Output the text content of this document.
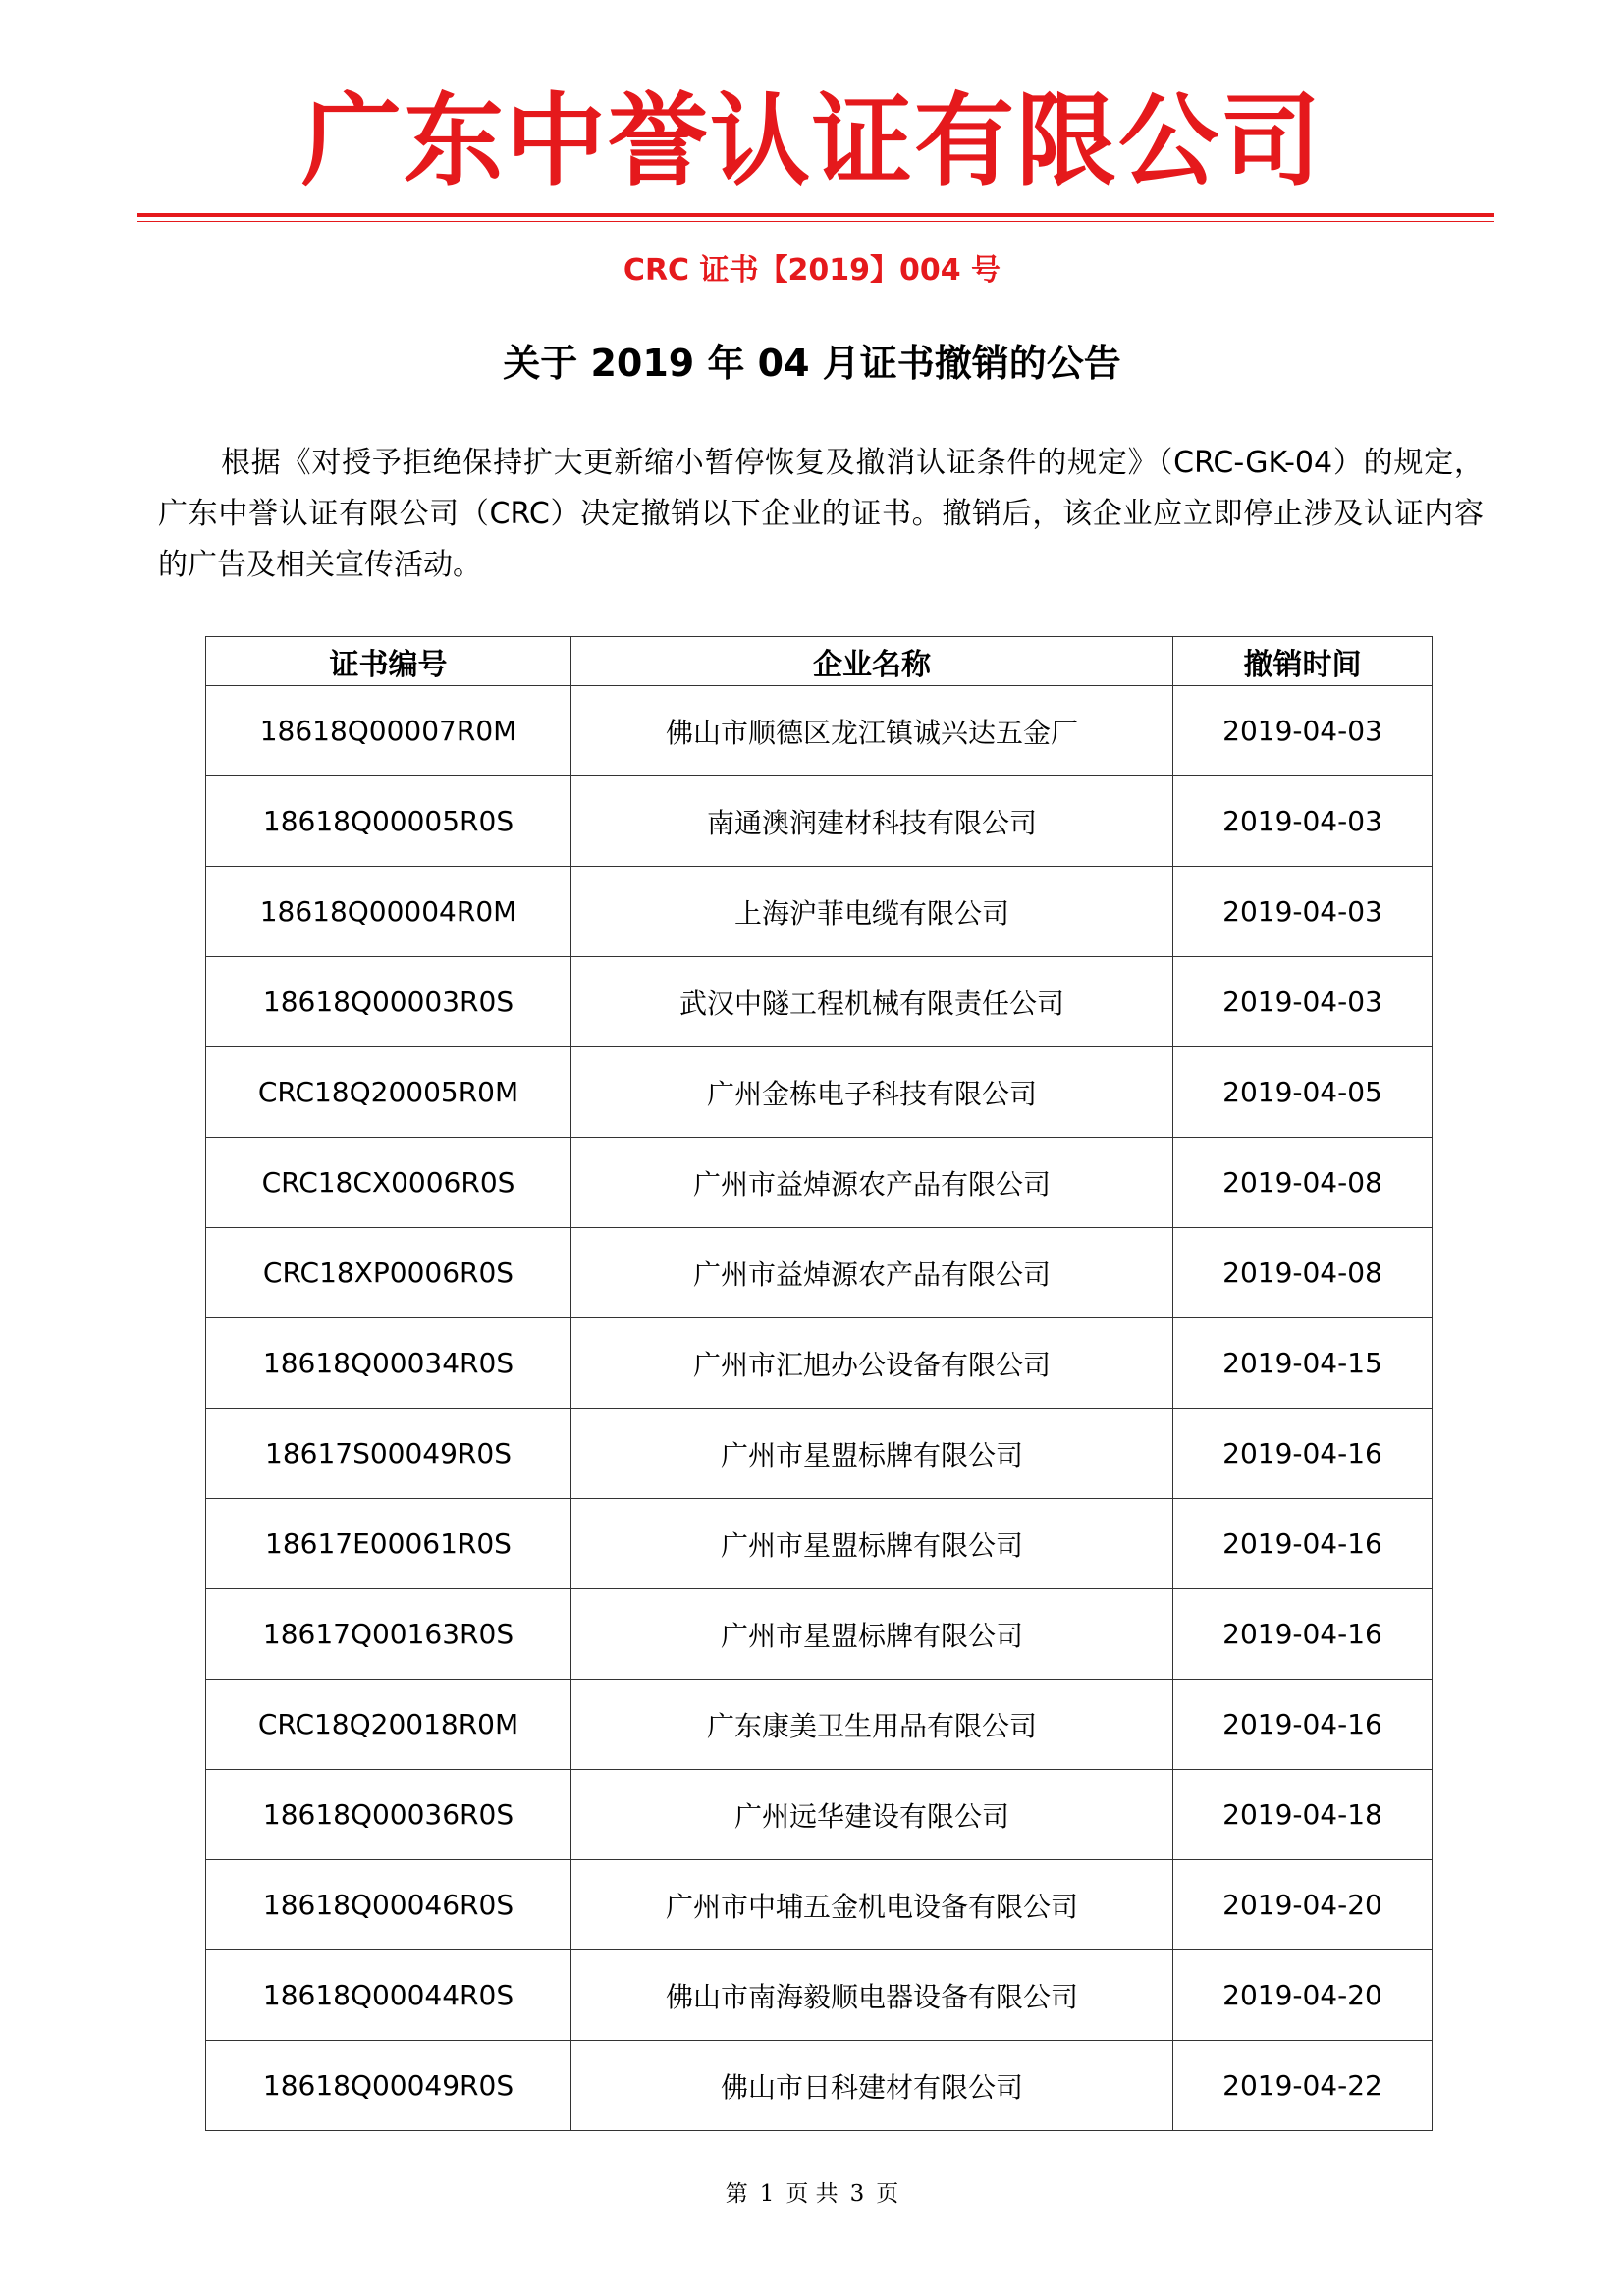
广东中誉认证有限公司
CRC 证书【2019】004 号
关于 2019 年 04 月证书撤销的公告

根据《对授予拒绝保持扩大更新缩小暂停恢复及撤消认证条件的规定》（CRC-GK-04）的规定，广东中誉认证有限公司（CRC）决定撤销以下企业的证书。撤销后，该企业应立即停止涉及认证内容的广告及相关宣传活动。

证书编号	企业名称	撤销时间
18618Q00007R0M	佛山市顺德区龙江镇诚兴达五金厂	2019-04-03
18618Q00005R0S	南通澳润建材科技有限公司	2019-04-03
18618Q00004R0M	上海沪菲电缆有限公司	2019-04-03
18618Q00003R0S	武汉中隧工程机械有限责任公司	2019-04-03
CRC18Q20005R0M	广州金栋电子科技有限公司	2019-04-05
CRC18CX0006R0S	广州市益焯源农产品有限公司	2019-04-08
CRC18XP0006R0S	广州市益焯源农产品有限公司	2019-04-08
18618Q00034R0S	广州市汇旭办公设备有限公司	2019-04-15
18617S00049R0S	广州市星盟标牌有限公司	2019-04-16
18617E00061R0S	广州市星盟标牌有限公司	2019-04-16
18617Q00163R0S	广州市星盟标牌有限公司	2019-04-16
CRC18Q20018R0M	广东康美卫生用品有限公司	2019-04-16
18618Q00036R0S	广州远华建设有限公司	2019-04-18
18618Q00046R0S	广州市中埔五金机电设备有限公司	2019-04-20
18618Q00044R0S	佛山市南海毅顺电器设备有限公司	2019-04-20
18618Q00049R0S	佛山市日科建材有限公司	2019-04-22
第 1 页 共 3 页
